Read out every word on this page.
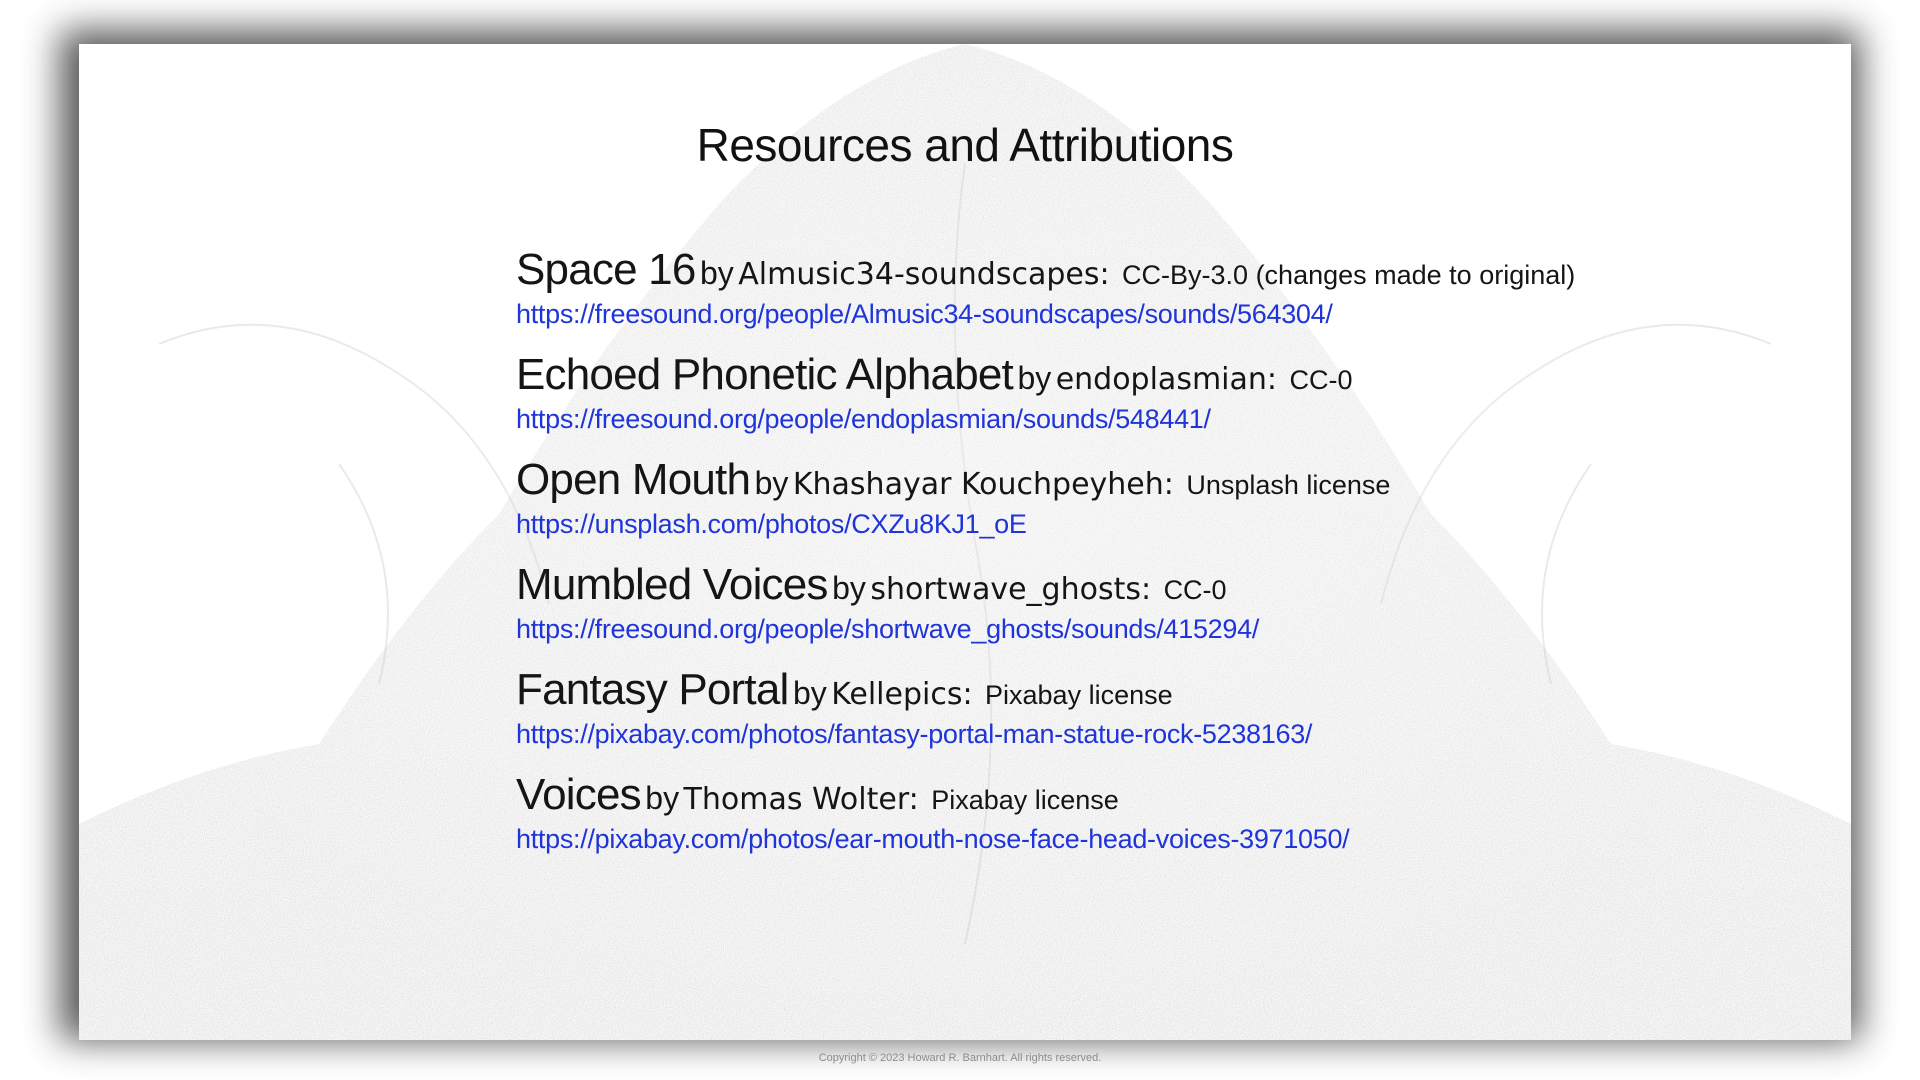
Resources and Attributions
Space 16 by Almusic34-soundscapes: CC-By-3.0 (changes made to original)
https://freesound.org/people/Almusic34-soundscapes/sounds/564304/
Echoed Phonetic Alphabet by endoplasmian: CC-0
https://freesound.org/people/endoplasmian/sounds/548441/
Open Mouth by Khashayar Kouchpeyheh: Unsplash license
https://unsplash.com/photos/CXZu8KJ1_oE
Mumbled Voices by shortwave_ghosts: CC-0
https://freesound.org/people/shortwave_ghosts/sounds/415294/
Fantasy Portal by Kellepics: Pixabay license
https://pixabay.com/photos/fantasy-portal-man-statue-rock-5238163/
Voices by Thomas Wolter: Pixabay license
https://pixabay.com/photos/ear-mouth-nose-face-head-voices-3971050/
Copyright © 2023 Howard R. Barnhart. All rights reserved.
